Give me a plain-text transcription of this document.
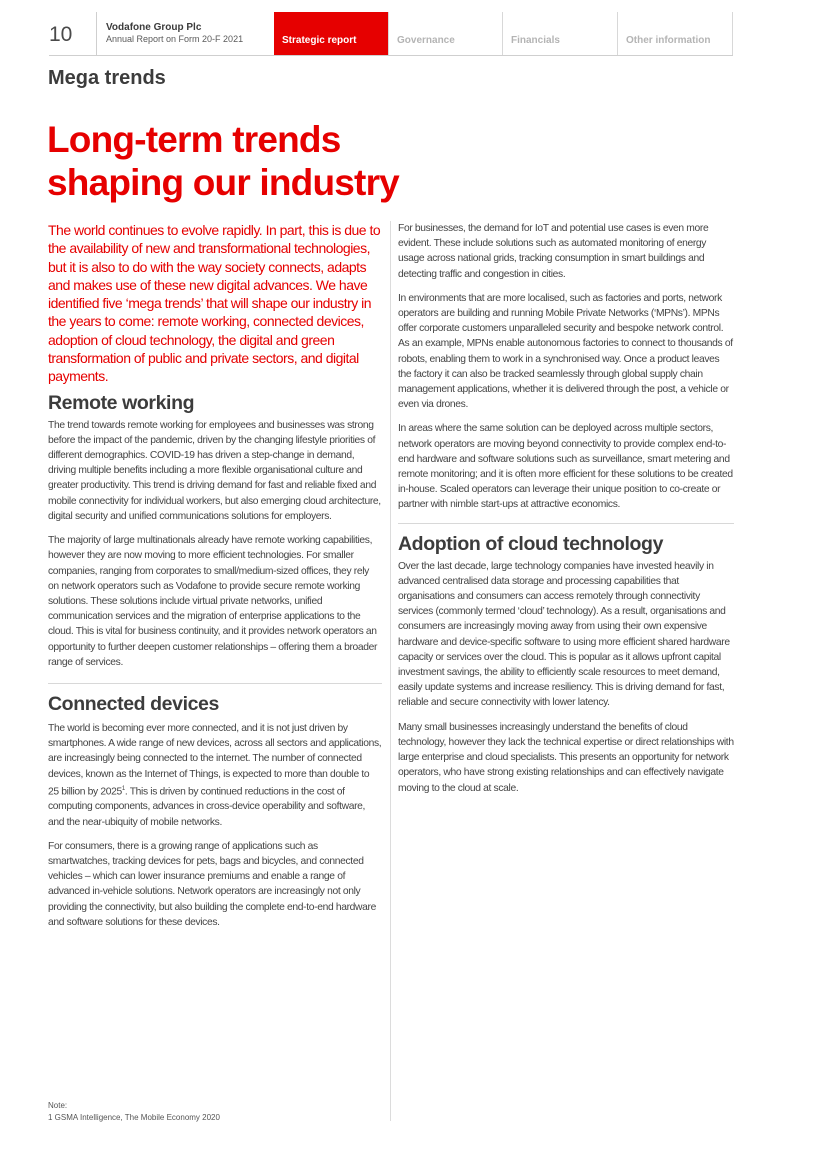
10	Vodafone Group Plc
Annual Report on Form 20-F 2021	Strategic report	Governance	Financials	Other information
Mega trends
Long-term trends shaping our industry

The world continues to evolve rapidly. In part, this is due to the availability of new and transformational technologies, but it is also to do with the way society connects, adapts and makes use of these new digital advances. We have identified five ‘mega trends’ that will shape our industry in the years to come: remote working, connected devices, adoption of cloud technology, the digital and green transformation of public and private sectors, and digital payments.

Remote working

The trend towards remote working for employees and businesses was strong before the impact of the pandemic, driven by the changing lifestyle priorities of different demographics. COVID-19 has driven a step-change in demand, driving multiple benefits including a more flexible organisational culture and greater productivity. This trend is driving demand for fast and reliable fixed and mobile connectivity for individual workers, but also emerging cloud architecture, digital security and unified communications solutions for employers.

The majority of large multinationals already have remote working capabilities, however they are now moving to more efficient technologies. For smaller companies, ranging from corporates to small/medium-sized offices, they rely on network operators such as Vodafone to provide secure remote working solutions. These solutions include virtual private networks, unified communication services and the migration of enterprise applications to the cloud. This is vital for business continuity, and it provides network operators an opportunity to further deepen customer relationships – offering them a broader range of services.

Connected devices

The world is becoming ever more connected, and it is not just driven by smartphones. A wide range of new devices, across all sectors and applications, are increasingly being connected to the internet. The number of connected devices, known as the Internet of Things, is expected to more than double to 25 billion by 2025$^1$. This is driven by continued reductions in the cost of computing components, advances in cross-device operability and software, and the near-ubiquity of mobile networks.

For consumers, there is a growing range of applications such as smartwatches, tracking devices for pets, bags and bicycles, and connected vehicles – which can lower insurance premiums and enable a range of advanced in-vehicle solutions. Network operators are increasingly not only providing the connectivity, but also building the complete end-to-end hardware and software solutions for these devices.

For businesses, the demand for IoT and potential use cases is even more evident. These include solutions such as automated monitoring of energy usage across national grids, tracking consumption in smart buildings and detecting traffic and congestion in cities.

In environments that are more localised, such as factories and ports, network operators are building and running Mobile Private Networks (‘MPNs’). MPNs offer corporate customers unparalleled security and bespoke network control. As an example, MPNs enable autonomous factories to connect to thousands of robots, enabling them to work in a synchronised way. Once a product leaves the factory it can also be tracked seamlessly through global supply chain management applications, whether it is delivered through the post, a vehicle or even via drones.

In areas where the same solution can be deployed across multiple sectors, network operators are moving beyond connectivity to provide complex end-to-end hardware and software solutions such as surveillance, smart metering and remote monitoring; and it is often more efficient for these solutions to be created in-house. Scaled operators can leverage their unique position to co-create or partner with nimble start-ups at attractive economics.

Adoption of cloud technology

Over the last decade, large technology companies have invested heavily in advanced centralised data storage and processing capabilities that organisations and consumers can access remotely through connectivity services (commonly termed ‘cloud’ technology). As a result, organisations and consumers are increasingly moving away from using their own expensive hardware and device-specific software to using more efficient shared hardware capacity or services over the cloud. This is popular as it allows upfront capital investment savings, the ability to efficiently scale resources to meet demand, easily update systems and increase resiliency. This is driving demand for fast, reliable and secure connectivity with lower latency.

Many small businesses increasingly understand the benefits of cloud technology, however they lack the technical expertise or direct relationships with large enterprise and cloud specialists. This presents an opportunity for network operators, who have strong existing relationships and can effectively navigate moving to the cloud at scale.

Note:
1 GSMA Intelligence, The Mobile Economy 2020
